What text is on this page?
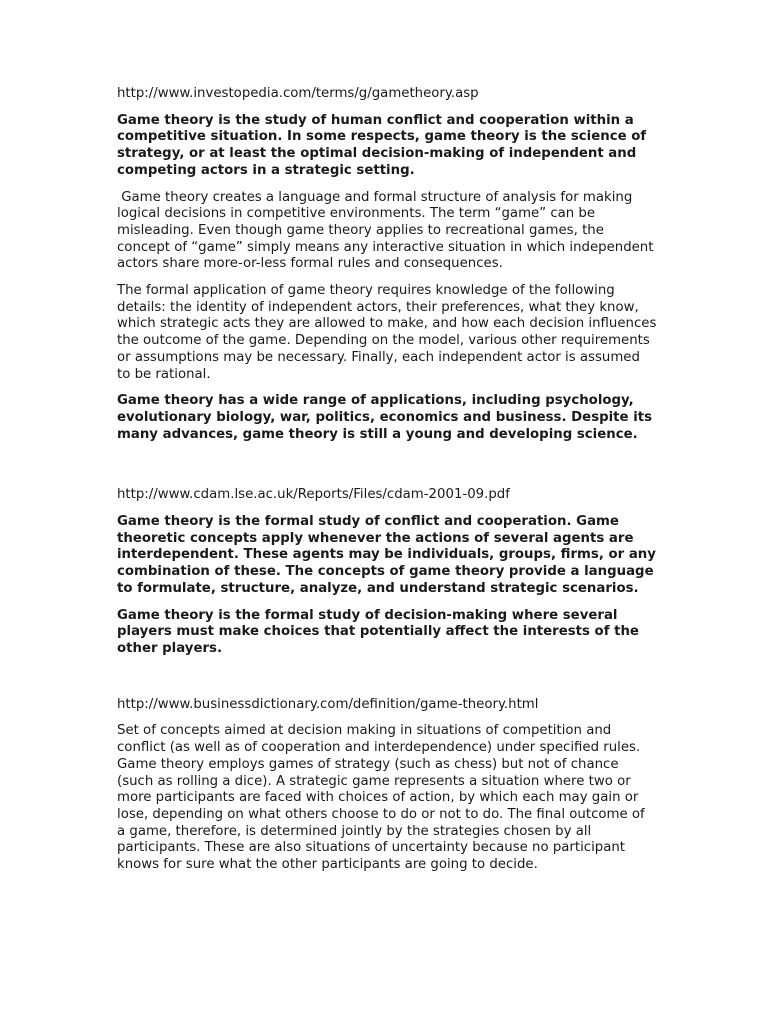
http://www.investopedia.com/terms/g/gametheory.asp

Game theory is the study of human conflict and cooperation within a competitive situation. In some respects, game theory is the science of strategy, or at least the optimal decision-making of independent and competing actors in a strategic setting.

Game theory creates a language and formal structure of analysis for making logical decisions in competitive environments. The term “game” can be misleading. Even though game theory applies to recreational games, the concept of “game” simply means any interactive situation in which independent actors share more-or-less formal rules and consequences.

The formal application of game theory requires knowledge of the following details: the identity of independent actors, their preferences, what they know, which strategic acts they are allowed to make, and how each decision influences the outcome of the game. Depending on the model, various other requirements or assumptions may be necessary. Finally, each independent actor is assumed to be rational.

Game theory has a wide range of applications, including psychology, evolutionary biology, war, politics, economics and business. Despite its many advances, game theory is still a young and developing science.

http://www.cdam.lse.ac.uk/Reports/Files/cdam-2001-09.pdf

Game theory is the formal study of conflict and cooperation. Game theoretic concepts apply whenever the actions of several agents are interdependent. These agents may be individuals, groups, firms, or any combination of these. The concepts of game theory provide a language to formulate, structure, analyze, and understand strategic scenarios.

Game theory is the formal study of decision-making where several players must make choices that potentially affect the interests of the other players.

http://www.businessdictionary.com/definition/game-theory.html

Set of concepts aimed at decision making in situations of competition and conflict (as well as of cooperation and interdependence) under specified rules. Game theory employs games of strategy (such as chess) but not of chance (such as rolling a dice). A strategic game represents a situation where two or more participants are faced with choices of action, by which each may gain or lose, depending on what others choose to do or not to do. The final outcome of a game, therefore, is determined jointly by the strategies chosen by all participants. These are also situations of uncertainty because no participant knows for sure what the other participants are going to decide.
